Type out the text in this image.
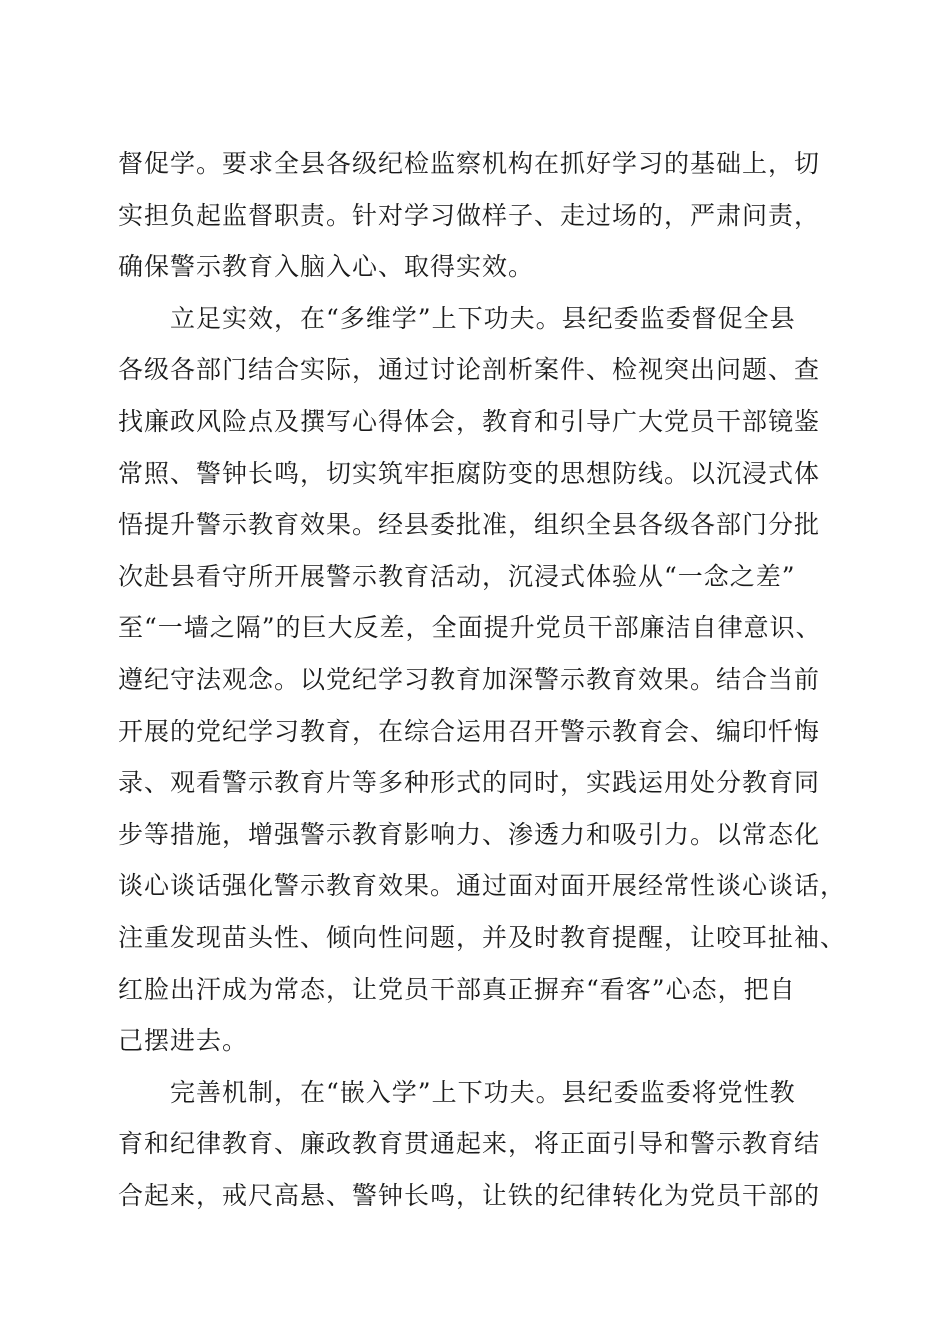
督促学。要求全县各级纪检监察机构在抓好学习的基础上，切
实担负起监督职责。针对学习做样子、走过场的，严肃问责，
确保警示教育入脑入心、取得实效。
　　立足实效，在“多维学”上下功夫。县纪委监委督促全县
各级各部门结合实际，通过讨论剖析案件、检视突出问题、查
找廉政风险点及撰写心得体会，教育和引导广大党员干部镜鉴
常照、警钟长鸣，切实筑牢拒腐防变的思想防线。以沉浸式体
悟提升警示教育效果。经县委批准，组织全县各级各部门分批
次赴县看守所开展警示教育活动，沉浸式体验从“一念之差”
至“一墙之隔”的巨大反差，全面提升党员干部廉洁自律意识、
遵纪守法观念。以党纪学习教育加深警示教育效果。结合当前
开展的党纪学习教育，在综合运用召开警示教育会、编印忏悔
录、观看警示教育片等多种形式的同时，实践运用处分教育同
步等措施，增强警示教育影响力、渗透力和吸引力。以常态化
谈心谈话强化警示教育效果。通过面对面开展经常性谈心谈话，
注重发现苗头性、倾向性问题，并及时教育提醒，让咬耳扯袖、
红脸出汗成为常态，让党员干部真正摒弃“看客”心态，把自
己摆进去。
　　完善机制，在“嵌入学”上下功夫。县纪委监委将党性教
育和纪律教育、廉政教育贯通起来，将正面引导和警示教育结
合起来，戒尺高悬、警钟长鸣，让铁的纪律转化为党员干部的
